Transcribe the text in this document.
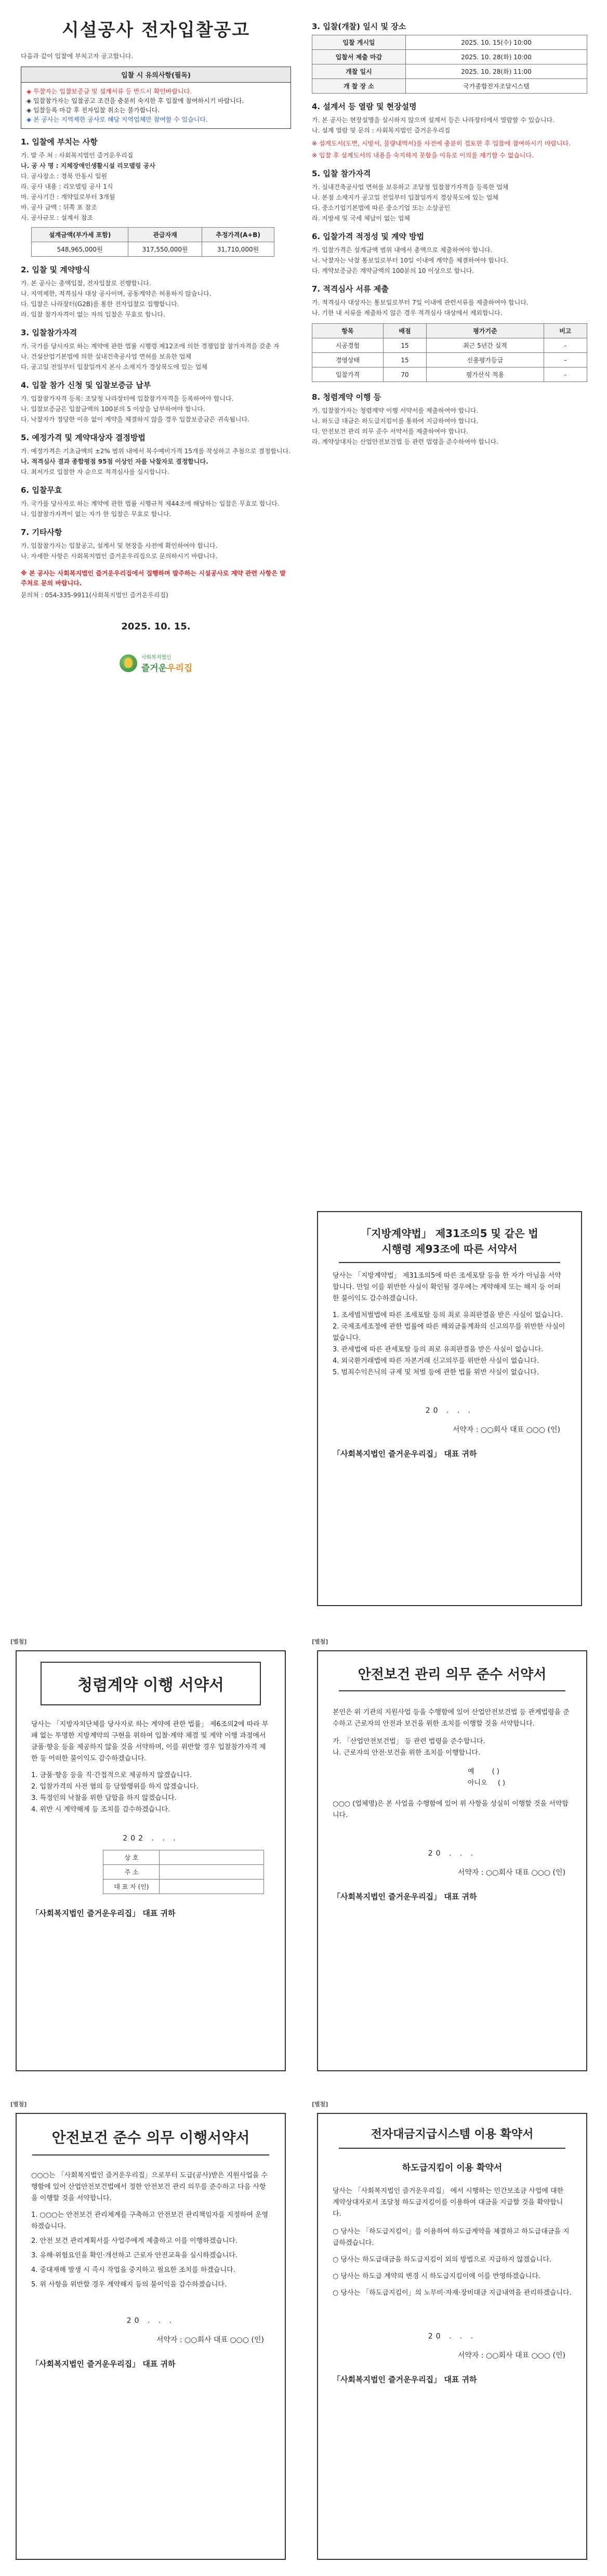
시설공사 전자입찰공고
다음과 같이 입찰에 부치고자 공고합니다.
입찰 시 유의사항(필독)
◈ 투찰자는 입찰보증금 및 설계서류 등 반드시 확인바랍니다.
◈ 입찰참가자는 입찰공고 조건을 충분히 숙지한 후 입찰에 참여하시기 바랍니다.
◈ 입찰등록 마감 후 전자입찰 취소는 불가합니다.
◈ 본 공사는 지역제한 공사로 해당 지역업체만 참여할 수 있습니다.
1. 입찰에 부치는 사항
가. 발 주 처 : 사회복지법인 즐거운우리집
나. 공 사 명 : 지체장애인생활시설 리모델링 공사
다. 공사장소 : 경북 안동시 일원
라. 공사 내용 : 리모델링 공사 1식
마. 공사기간 : 계약일로부터 3개월
바. 공사 금액 : 뒤쪽 표 참조
사. 공사규모 : 설계서 참조
설계금액(부가세 포함)	관급자재	추정가격(A+B)
548,965,000원	317,550,000원	31,710,000원
2. 입찰 및 계약방식
가. 본 공사는 총액입찰, 전자입찰로 진행합니다.
나. 지역제한, 적격심사 대상 공사이며, 공동계약은 허용하지 않습니다.
다. 입찰은 나라장터(G2B)를 통한 전자입찰로 집행합니다.
라. 입찰 참가자격이 없는 자의 입찰은 무효로 합니다.
3. 입찰참가자격
가. 국가를 당사자로 하는 계약에 관한 법률 시행령 제12조에 의한 경쟁입찰 참가자격을 갖춘 자
나. 건설산업기본법에 의한 실내건축공사업 면허를 보유한 업체
다. 공고일 전일부터 입찰일까지 본사 소재지가 경상북도에 있는 업체
4. 입찰 참가 신청 및 입찰보증금 납부
가. 입찰참가자격 등록: 조달청 나라장터에 입찰참가자격을 등록하여야 합니다.
나. 입찰보증금은 입찰금액의 100분의 5 이상을 납부하여야 합니다.
다. 낙찰자가 정당한 이유 없이 계약을 체결하지 않을 경우 입찰보증금은 귀속됩니다.
5. 예정가격 및 계약대상자 결정방법
가. 예정가격은 기초금액의 ±2% 범위 내에서 복수예비가격 15개를 작성하고 추첨으로 결정합니다.
나. 적격심사 결과 종합평점 95점 이상인 자를 낙찰자로 결정합니다.
다. 최저가로 입찰한 자 순으로 적격심사를 실시합니다.
6. 입찰무효
가. 국가를 당사자로 하는 계약에 관한 법률 시행규칙 제44조에 해당하는 입찰은 무효로 합니다.
나. 입찰참가자격이 없는 자가 한 입찰은 무효로 합니다.
7. 기타사항
가. 입찰참가자는 입찰공고, 설계서 및 현장을 사전에 확인하여야 합니다.
나. 자세한 사항은 사회복지법인 즐거운우리집으로 문의하시기 바랍니다.
※ 본 공사는 사회복지법인 즐거운우리집에서 집행하며 발주하는 시설공사로 계약 관련 사항은 발주처로 문의 바랍니다.
문의처 : 054-335-9911(사회복지법인 즐거운우리집)
2025. 10. 15.
사회복지법인
즐거운우리집
3. 입찰(개찰) 일시 및 장소
입찰 게시일	2025. 10. 15(수) 10:00
입찰서 제출 마감	2025. 10. 28(화) 10:00
개찰 일시	2025. 10. 28(화) 11:00
개 찰 장 소	국가종합전자조달시스템
4. 설계서 등 열람 및 현장설명
가. 본 공사는 현장설명을 실시하지 않으며 설계서 등은 나라장터에서 열람할 수 있습니다.
나. 설계 열람 및 문의 : 사회복지법인 즐거운우리집
※ 설계도서(도면, 시방서, 물량내역서)를 사전에 충분히 검토한 후 입찰에 참여하시기 바랍니다.
※ 입찰 후 설계도서의 내용을 숙지하지 못함을 이유로 이의를 제기할 수 없습니다.
5. 입찰 참가자격
가. 실내건축공사업 면허를 보유하고 조달청 입찰참가자격을 등록한 업체
나. 본점 소재지가 공고일 전일부터 입찰일까지 경상북도에 있는 업체
다. 중소기업기본법에 따른 중소기업 또는 소상공인
라. 지방세 및 국세 체납이 없는 업체
6. 입찰가격 적정성 및 계약 방법
가. 입찰가격은 설계금액 범위 내에서 총액으로 제출하여야 합니다.
나. 낙찰자는 낙찰 통보일로부터 10일 이내에 계약을 체결하여야 합니다.
다. 계약보증금은 계약금액의 100분의 10 이상으로 합니다.
7. 적격심사 서류 제출
가. 적격심사 대상자는 통보일로부터 7일 이내에 관련서류를 제출하여야 합니다.
나. 기한 내 서류를 제출하지 않은 경우 적격심사 대상에서 제외합니다.
항목	배점	평가기준	비고
시공경험	15	최근 5년간 실적	-
경영상태	15	신용평가등급	-
입찰가격	70	평가산식 적용	-
8. 청렴계약 이행 등
가. 입찰참가자는 청렴계약 이행 서약서를 제출하여야 합니다.
나. 하도급 대금은 하도급지킴이를 통하여 지급하여야 합니다.
다. 안전보건 관리 의무 준수 서약서를 제출하여야 합니다.
라. 계약상대자는 산업안전보건법 등 관련 법령을 준수하여야 합니다.
「지방계약법」 제31조의5 및 같은 법 시행령 제93조에 따른 서약서
당사는 「지방계약법」 제31조의5에 따른 조세포탈 등을 한 자가 아님을 서약합니다. 만일 이를 위반한 사실이 확인될 경우에는 계약해제 또는 해지 등 어떠한 불이익도 감수하겠습니다.
1. 조세범처벌법에 따른 조세포탈 등의 죄로 유죄판결을 받은 사실이 없습니다.
2. 국제조세조정에 관한 법률에 따른 해외금융계좌의 신고의무를 위반한 사실이 없습니다.
3. 관세법에 따른 관세포탈 등의 죄로 유죄판결을 받은 사실이 없습니다.
4. 외국환거래법에 따른 자본거래 신고의무를 위반한 사실이 없습니다.
5. 범죄수익은닉의 규제 및 처벌 등에 관한 법률 위반 사실이 없습니다.
20 . . .
서약자 : ○○회사 대표 ○○○ (인)
「사회복지법인 즐거운우리집」 대표 귀하
[별첨]
청렴계약 이행 서약서
당사는 「지방자치단체를 당사자로 하는 계약에 관한 법률」 제6조의2에 따라 부패 없는 투명한 지방계약의 구현을 위하여 입찰·계약 체결 및 계약 이행 과정에서 금품·향응 등을 제공하지 않을 것을 서약하며, 이를 위반할 경우 입찰참가자격 제한 등 어떠한 불이익도 감수하겠습니다.
1. 금품·향응 등을 직·간접적으로 제공하지 않겠습니다.
2. 입찰가격의 사전 협의 등 담합행위를 하지 않겠습니다.
3. 특정인의 낙찰을 위한 담합을 하지 않겠습니다.
4. 위반 시 계약해제 등 조치를 감수하겠습니다.
202 . . .
상 호	
주 소	
대 표 자 (인)	
「사회복지법인 즐거운우리집」 대표 귀하
[별첨]
안전보건 관리 의무 준수 서약서
본인은 위 기관의 지원사업 등을 수행함에 있어 산업안전보건법 등 관계법령을 준수하고 근로자의 안전과 보건을 위한 조치를 이행할 것을 서약합니다.
가. 「산업안전보건법」 등 관련 법령을 준수합니다.
나. 근로자의 안전·보건을 위한 조치를 이행합니다.
예	( )
아니오 ( )
○○○ (업체명)은 본 사업을 수행함에 있어 위 사항을 성실히 이행할 것을 서약합니다.
20 . . .
서약자 : ○○회사 대표 ○○○ (인)
「사회복지법인 즐거운우리집」 대표 귀하
[별첨]
안전보건 준수 의무 이행서약서
○○○는 「사회복지법인 즐거운우리집」으로부터 도급(공사)받은 지원사업을 수행함에 있어 산업안전보건법에서 정한 안전보건 관리 의무를 준수하고 다음 사항을 이행할 것을 서약합니다.
1. ○○○는 안전보건 관리체계를 구축하고 안전보건 관리책임자를 지정하여 운영하겠습니다.
2. 안전 보건 관리계획서를 사업주에게 제출하고 이를 이행하겠습니다.
3. 유해·위험요인을 확인·개선하고 근로자 안전교육을 실시하겠습니다.
4. 중대재해 발생 시 즉시 작업을 중지하고 필요한 조치를 하겠습니다.
5. 위 사항을 위반할 경우 계약해지 등의 불이익을 감수하겠습니다.
20 . . .
서약자 : ○○회사 대표 ○○○ (인)
「사회복지법인 즐거운우리집」 대표 귀하
[별첨]
전자대금지급시스템 이용 확약서
하도급지킴이 이용 확약서
당사는 「사회복지법인 즐거운우리집」 에서 시행하는 민간보조금 사업에 대한 계약상대자로서 조달청 하도급지킴이를 이용하여 대금을 지급할 것을 확약합니다.
○ 당사는 「하도급지킴이」를 이용하여 하도급계약을 체결하고 하도급대금을 지급하겠습니다.
○ 당사는 하도급대금을 하도급지킴이 외의 방법으로 지급하지 않겠습니다.
○ 당사는 하도급 계약의 변경 시 하도급지킴이에 이를 반영하겠습니다.
○ 당사는 「하도급지킴이」의 노무비·자재·장비대금 지급내역을 관리하겠습니다.
20 . . .
서약자 : ○○회사 대표 ○○○ (인)
「사회복지법인 즐거운우리집」 대표 귀하
